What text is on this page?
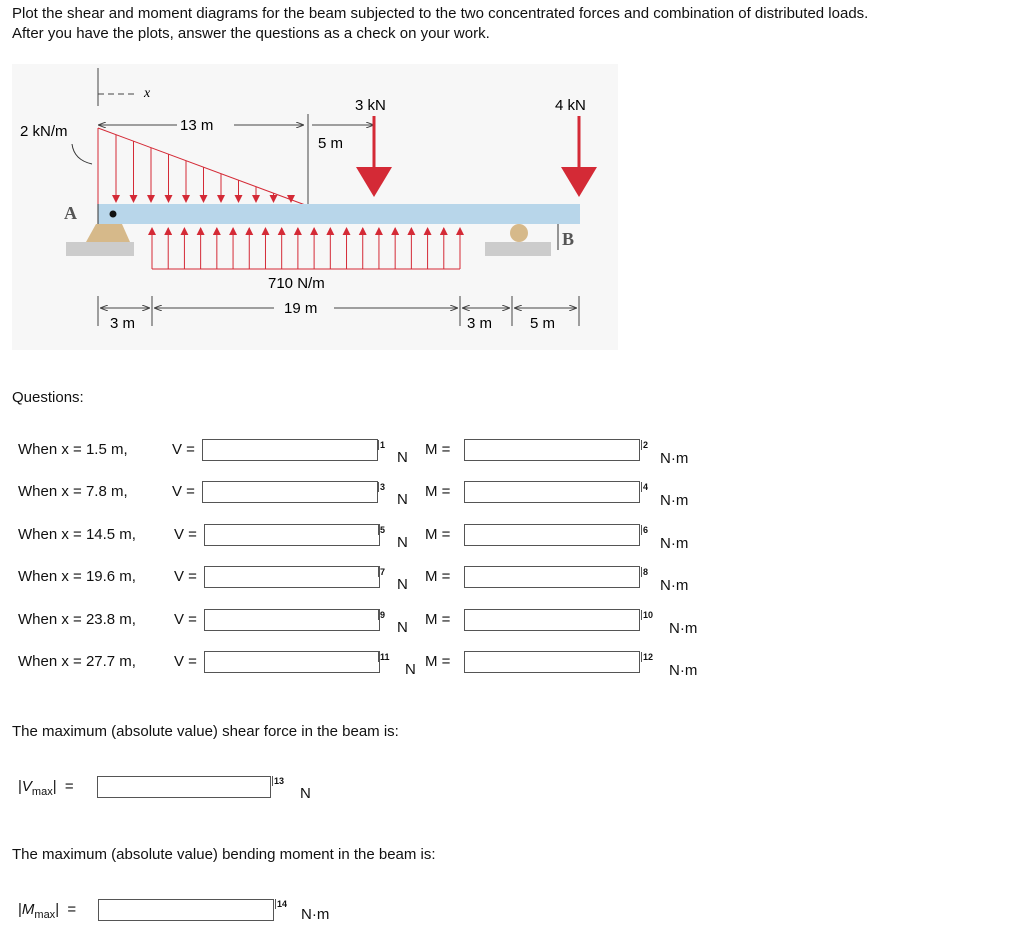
Plot the shear and moment diagrams for the beam subjected to the two concentrated forces and combination of distributed loads.
After you have the plots, answer the questions as a check on your work.
x
2 kN/m	13 m
5 m
3 kN	4 kN
A
B
710 N/m
3 m
19 m
3 m	5 m
Questions:
When x = 1.5 m,	V =	1
N M =	2
N·m
When x = 7.8 m,	V =	3
N M =	4
N·m
When x = 14.5 m,	V =	5
N M =	6
N·m
When x = 19.6 m,	V =	7
N M =	8
N·m
When x = 23.8 m,	V =	9
N M =	10
N·m
When x = 27.7 m,	V =	11
N M =	12
N·m
The maximum (absolute value) shear force in the beam is:
$|V_{max}|$  =	13
N
The maximum (absolute value) bending moment in the beam is:
$|M_{max}|$  =	14
N·m
